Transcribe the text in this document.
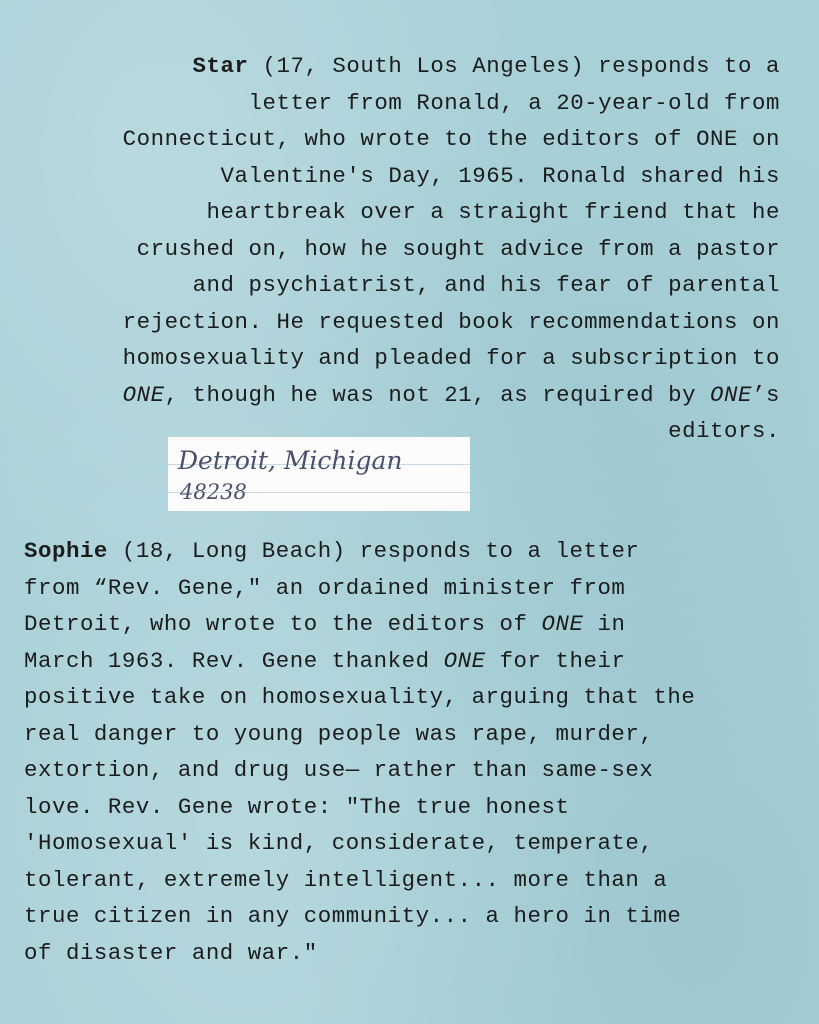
Star (17, South Los Angeles) responds to a
letter from Ronald, a 20-year-old from
Connecticut, who wrote to the editors of ONE on
Valentine's Day, 1965. Ronald shared his
heartbreak over a straight friend that he
crushed on, how he sought advice from a pastor
and psychiatrist, and his fear of parental
rejection. He requested book recommendations on
homosexuality and pleaded for a subscription to
ONE, though he was not 21, as required by ONE’s
editors.
Detroit, Michigan
48238
Sophie (18, Long Beach) responds to a letter
from “Rev. Gene," an ordained minister from
Detroit, who wrote to the editors of ONE in
March 1963. Rev. Gene thanked ONE for their
positive take on homosexuality, arguing that the
real danger to young people was rape, murder,
extortion, and drug use— rather than same-sex
love. Rev. Gene wrote: "The true honest
'Homosexual' is kind, considerate, temperate,
tolerant, extremely intelligent... more than a
true citizen in any community... a hero in time
of disaster and war."
